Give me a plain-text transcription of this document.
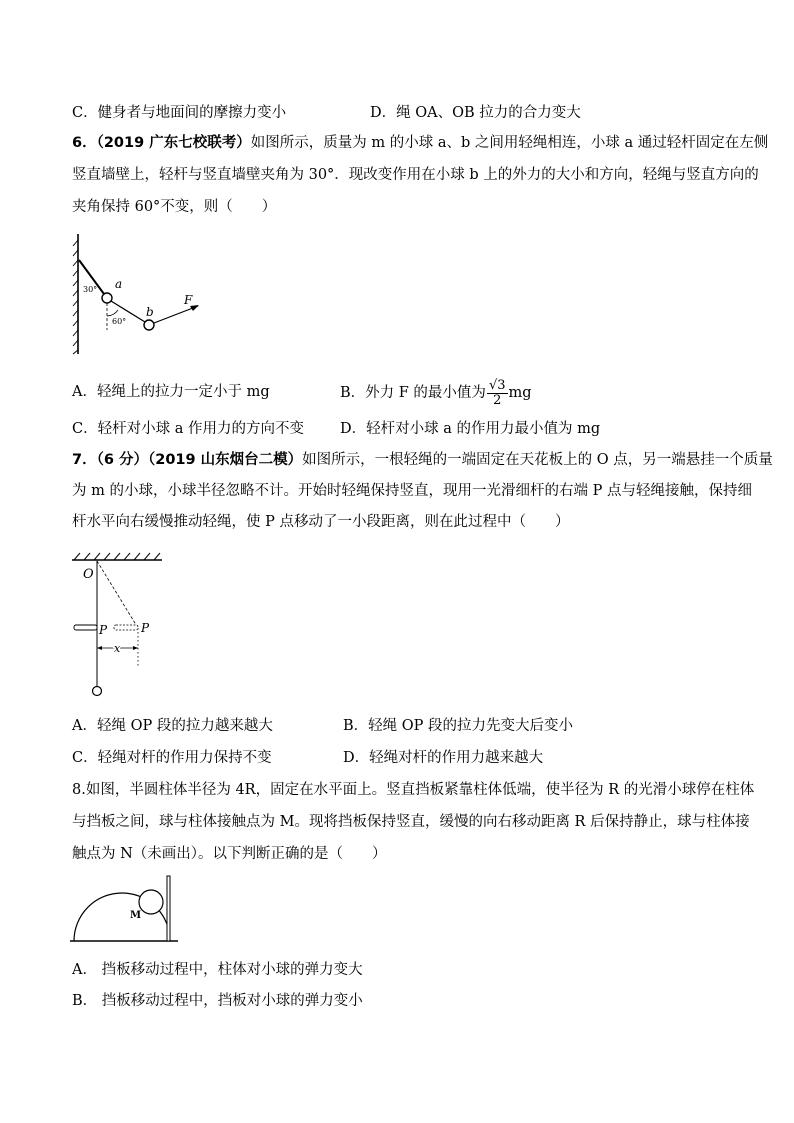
C．健身者与地面间的摩擦力变小	D．绳 OA、OB 拉力的合力变大
6．（2019 广东七校联考）如图所示，质量为 m 的小球 a、b 之间用轻绳相连，小球 a 通过轻杆固定在左侧
竖直墙壁上，轻杆与竖直墙壁夹角为 30°．现改变作用在小球 b 上的外力的大小和方向，轻绳与竖直方向的
夹角保持 60°不变，则（　　）
30° a
60°
b
F
A．轻绳上的拉力一定小于 mg	B．外力 F 的最小值为 $\frac{√3}{2}$ mg
C．轻杆对小球 a 作用力的方向不变 D．轻杆对小球 a 的作用力最小值为 mg
7．（6 分）（2019 山东烟台二模）如图所示，一根轻绳的一端固定在天花板上的 O 点，另一端悬挂一个质量
为 m 的小球，小球半径忽略不计。开始时轻绳保持竖直，现用一光滑细杆的右端 P 点与轻绳接触，保持细
杆水平向右缓慢推动轻绳，使 P 点移动了一小段距离，则在此过程中（　　）
O
P	P
x
A．轻绳 OP 段的拉力越来越大	B．轻绳 OP 段的拉力先变大后变小
C．轻绳对杆的作用力保持不变	D．轻绳对杆的作用力越来越大
8.如图，半圆柱体半径为 4R，固定在水平面上。竖直挡板紧靠柱体低端，使半径为 R 的光滑小球停在柱体
与挡板之间，球与柱体接触点为 M。现将挡板保持竖直，缓慢的向右移动距离 R 后保持静止，球与柱体接
触点为 N（未画出）。以下判断正确的是（　　）
M
A． 挡板移动过程中，柱体对小球的弹力变大
B． 挡板移动过程中，挡板对小球的弹力变小
